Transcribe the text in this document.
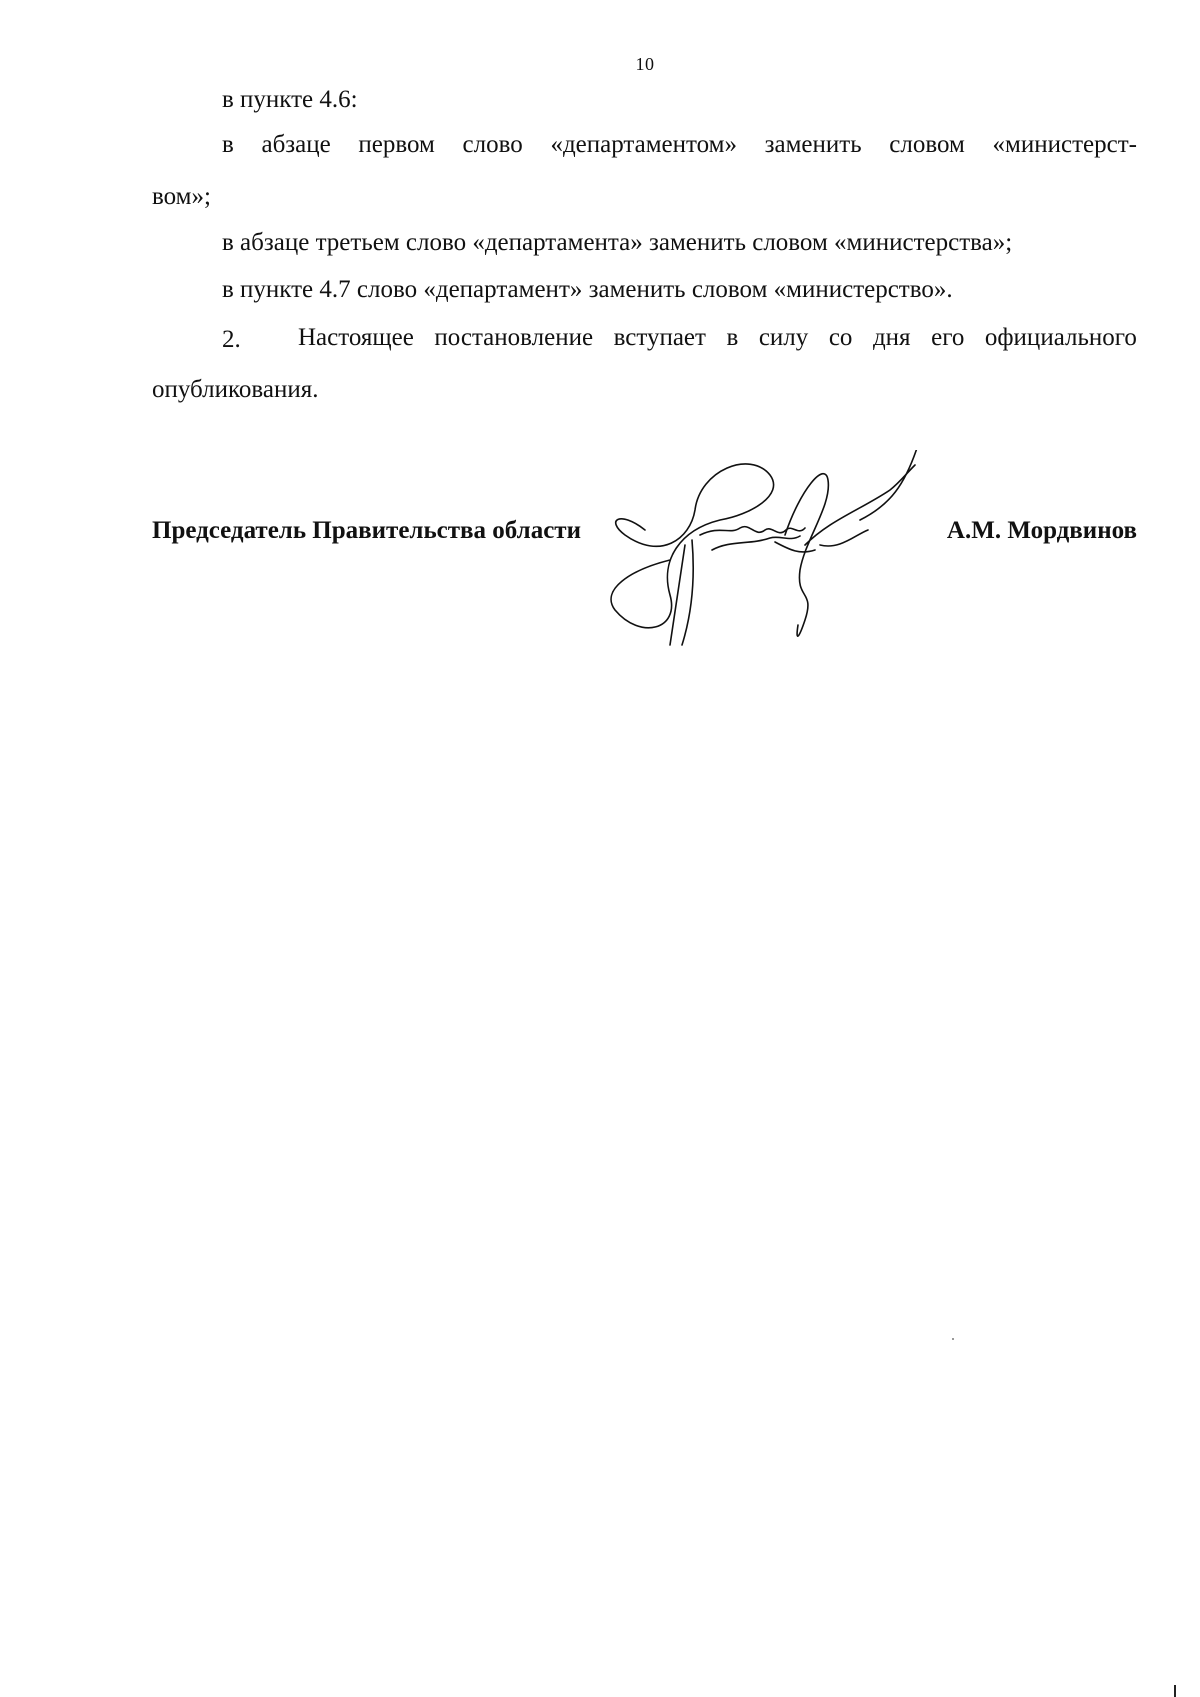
10
в пункте 4.6:
в абзаце первом слово «департаментом» заменить словом «министерст-
вом»;
в абзаце третьем слово «департамента» заменить словом «министерства»;
в пункте 4.7 слово «департамент» заменить словом «министерство».
2. Настоящее постановление вступает в силу со дня его официального
опубликования.
Председатель Правительства области	А.М. Мордвинов
